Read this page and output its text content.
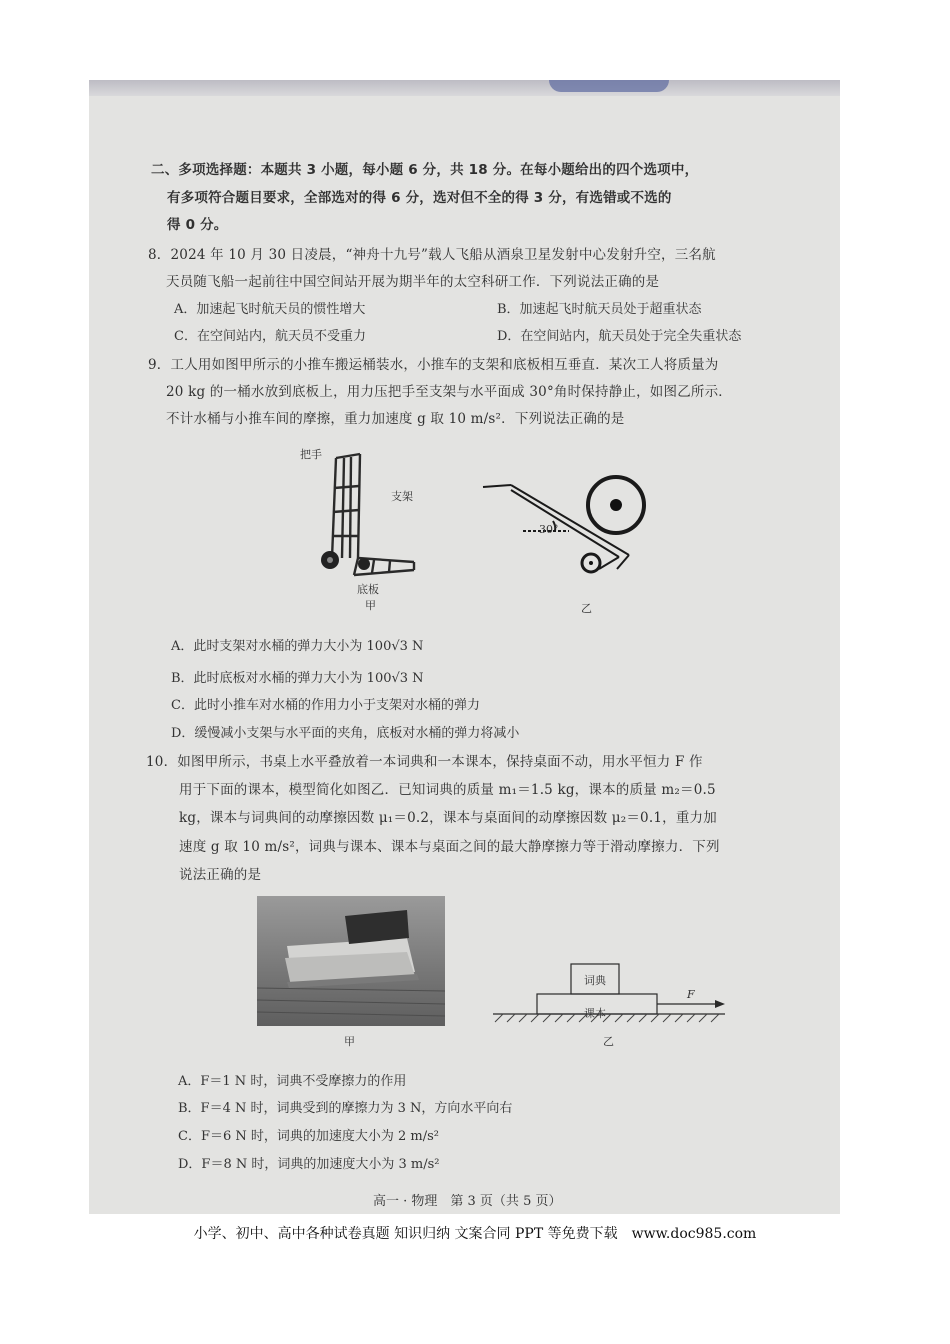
二、多项选择题：本题共 3 小题，每小题 6 分，共 18 分。在每小题给出的四个选项中，
有多项符合题目要求，全部选对的得 6 分，选对但不全的得 3 分，有选错或不选的
得 0 分。
8．2024 年 10 月 30 日凌晨，“神舟十九号”载人飞船从酒泉卫星发射中心发射升空，三名航
天员随飞船一起前往中国空间站开展为期半年的太空科研工作．下列说法正确的是
A．加速起飞时航天员的惯性增大	B．加速起飞时航天员处于超重状态
C．在空间站内，航天员不受重力	D．在空间站内，航天员处于完全失重状态
9．工人用如图甲所示的小推车搬运桶装水，小推车的支架和底板相互垂直．某次工人将质量为
20 kg 的一桶水放到底板上，用力压把手至支架与水平面成 30°角时保持静止，如图乙所示．
不计水桶与小推车间的摩擦，重力加速度 g 取 10 m/s²．下列说法正确的是
把手
支架
底板
甲
30°
乙
A．此时支架对水桶的弹力大小为 100√3 N
B．此时底板对水桶的弹力大小为 100√3 N
C．此时小推车对水桶的作用力小于支架对水桶的弹力
D．缓慢减小支架与水平面的夹角，底板对水桶的弹力将减小
10．如图甲所示，书桌上水平叠放着一本词典和一本课本，保持桌面不动，用水平恒力 F 作
用于下面的课本，模型简化如图乙．已知词典的质量 m₁＝1.5 kg，课本的质量 m₂＝0.5
kg，课本与词典间的动摩擦因数 μ₁＝0.2，课本与桌面间的动摩擦因数 μ₂＝0.1，重力加
速度 g 取 10 m/s²，词典与课本、课本与桌面之间的最大静摩擦力等于滑动摩擦力．下列
说法正确的是
甲
词典
课本
F
乙
A．F＝1 N 时，词典不受摩擦力的作用
B．F＝4 N 时，词典受到的摩擦力为 3 N，方向水平向右
C．F＝6 N 时，词典的加速度大小为 2 m/s²
D．F＝8 N 时，词典的加速度大小为 3 m/s²
高一 · 物理　第 3 页（共 5 页）
小学、初中、高中各种试卷真题 知识归纳 文案合同 PPT 等免费下载　www.doc985.com
